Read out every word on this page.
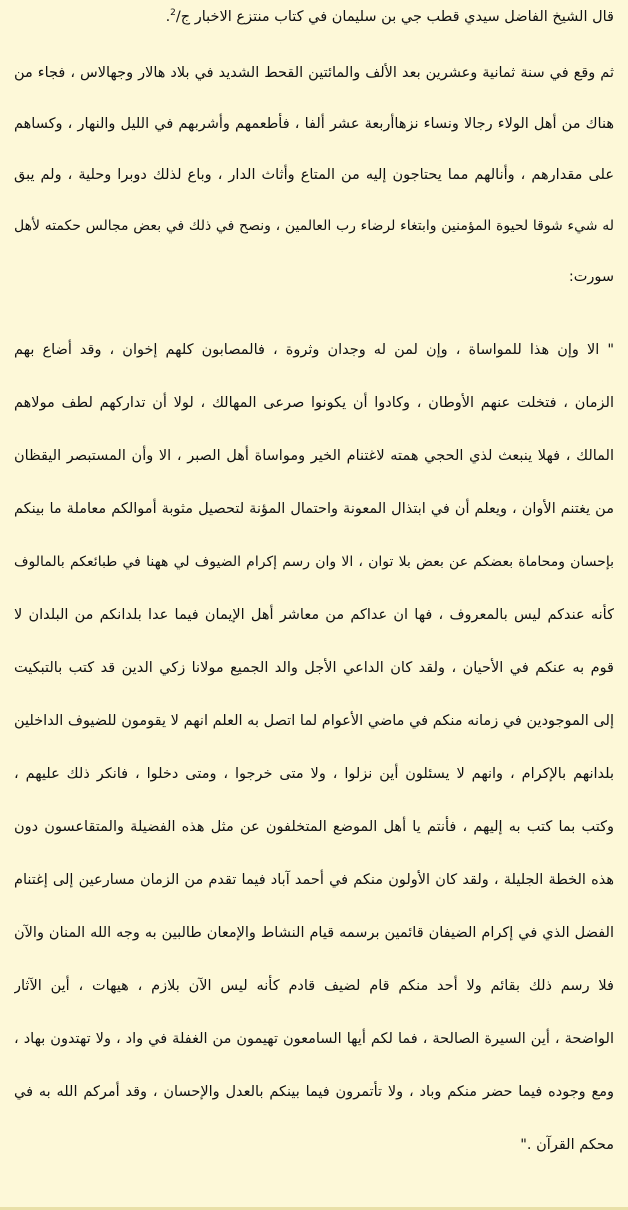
قال الشيخ الفاضل سيدي قطب جي بن سليمان في كتاب منتزع الاخبار ج/$^2$.
ثم وقع في سنة ثمانية وعشرين بعد الألف والمائتين القحط الشديد في بلاد هالار وجهالاس ، فجاء من
هناك من أهل الولاء رجالا ونساء نزهاأربعة عشر ألفا ، فأطعمهم وأشربهم في الليل والنهار ، وكساهم
على مقدارهم ، وأنالهم مما يحتاجون إليه من المتاع وأثاث الدار ، وباع لذلك دوبرا وحلية ، ولم يبق
له شيء شوقا لحيوة المؤمنين وابتغاء لرضاء رب العالمين ، ونصح في ذلك في بعض مجالس حكمته لأهل
سورت:
" الا وإن هذا للمواساة ، وإن لمن له وجدان وثروة ، فالمصابون كلهم إخوان ، وقد أضاع بهم
الزمان ، فتخلت عنهم الأوطان ، وكادوا أن يكونوا صرعى المهالك ، لولا أن تداركهم لطف مولاهم
المالك ، فهلا ينبعث لذي الحجي همته لاغتنام الخير ومواساة أهل الصبر ، الا وأن المستبصر اليقظان
من يغتنم الأوان ، ويعلم أن في ابتذال المعونة واحتمال المؤنة لتحصيل مثوبة أموالكم معاملة ما بينكم
بإحسان ومحاماة بعضكم عن بعض بلا توان ، الا وان رسم إكرام الضيوف لي ههنا في طبائعكم بالمالوف
كأنه عندكم ليس بالمعروف ، فها ان عداكم من معاشر أهل الإيمان فيما عدا بلدانكم من البلدان لا
قوم به عنكم في الأحيان ، ولقد كان الداعي الأجل والد الجميع مولانا زكي الدين قد كتب بالتبكيت
إلى الموجودين في زمانه منكم في ماضي الأعوام لما اتصل به العلم انهم لا يقومون للضيوف الداخلين
بلدانهم بالإكرام ، وانهم لا يسئلون أين نزلوا ، ولا متى خرجوا ، ومتى دخلوا ، فانكر ذلك عليهم ،
وكتب بما كتب به إليهم ، فأنتم يا أهل الموضع المتخلفون عن مثل هذه الفضيلة والمتقاعسون دون
هذه الخطة الجليلة ، ولقد كان الأولون منكم في أحمد آباد فيما تقدم من الزمان مسارعين إلى إغتنام
الفضل الذي في إكرام الضيفان قائمين برسمه قيام النشاط والإمعان طالبين به وجه الله المنان والآن
فلا رسم ذلك بقائم ولا أحد منكم قام لضيف قادم كأنه ليس الآن بلازم ، هيهات ، أين الآثار
الواضحة ، أين السيرة الصالحة ، فما لكم أيها السامعون تهيمون من الغفلة في واد ، ولا تهتدون بهاد ،
ومع وجوده فيما حضر منكم وباد ، ولا تأتمرون فيما بينكم بالعدل والإحسان ، وقد أمركم الله به في
محكم القرآن ."
